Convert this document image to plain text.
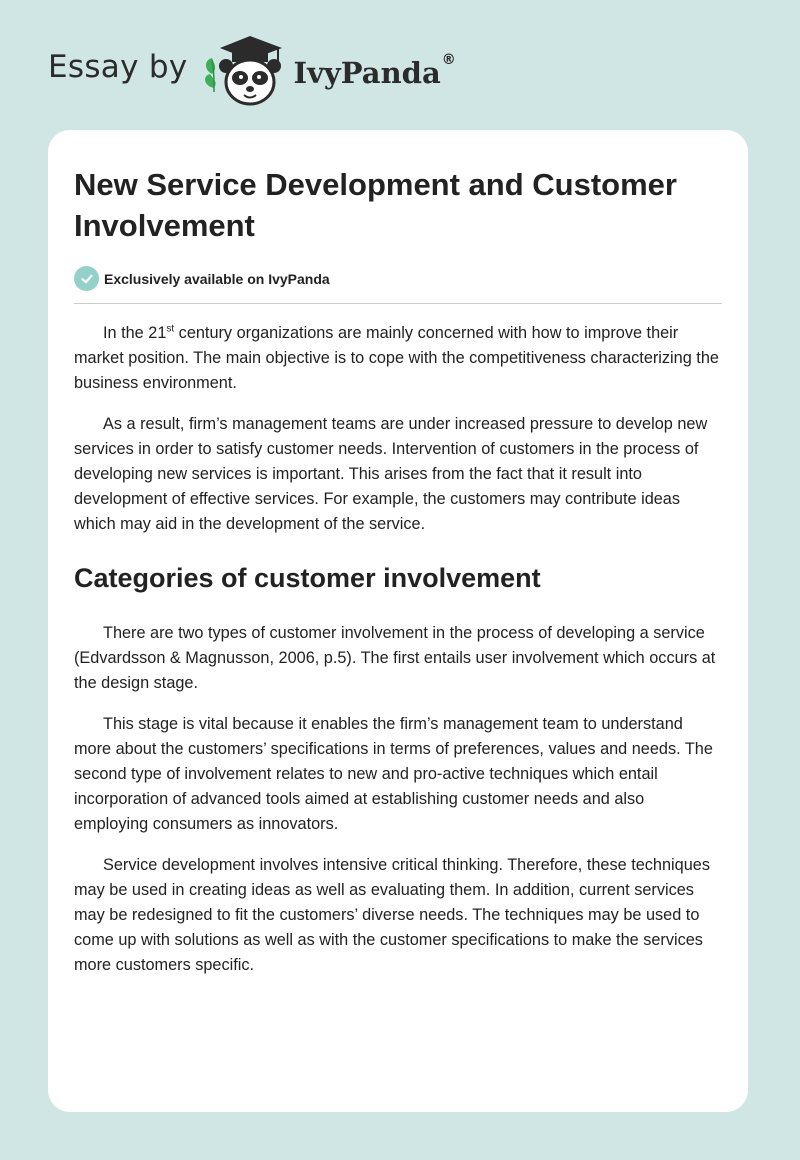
Essay by	IvyPanda®
New Service Development and Customer Involvement
Exclusively available on IvyPanda

In the 21st century organizations are mainly concerned with how to improve their market position. The main objective is to cope with the competitiveness characterizing the business environment.

As a result, firm’s management teams are under increased pressure to develop new services in order to satisfy customer needs. Intervention of customers in the process of developing new services is important. This arises from the fact that it result into development of effective services. For example, the customers may contribute ideas which may aid in the development of the service.

Categories of customer involvement

There are two types of customer involvement in the process of developing a service (Edvardsson & Magnusson, 2006, p.5). The first entails user involvement which occurs at the design stage.

This stage is vital because it enables the firm’s management team to understand more about the customers’ specifications in terms of preferences, values and needs. The second type of involvement relates to new and pro-active techniques which entail incorporation of advanced tools aimed at establishing customer needs and also employing consumers as innovators.

Service development involves intensive critical thinking. Therefore, these techniques may be used in creating ideas as well as evaluating them. In addition, current services may be redesigned to fit the customers’ diverse needs. The techniques may be used to come up with solutions as well as with the customer specifications to make the services more customers specific.
